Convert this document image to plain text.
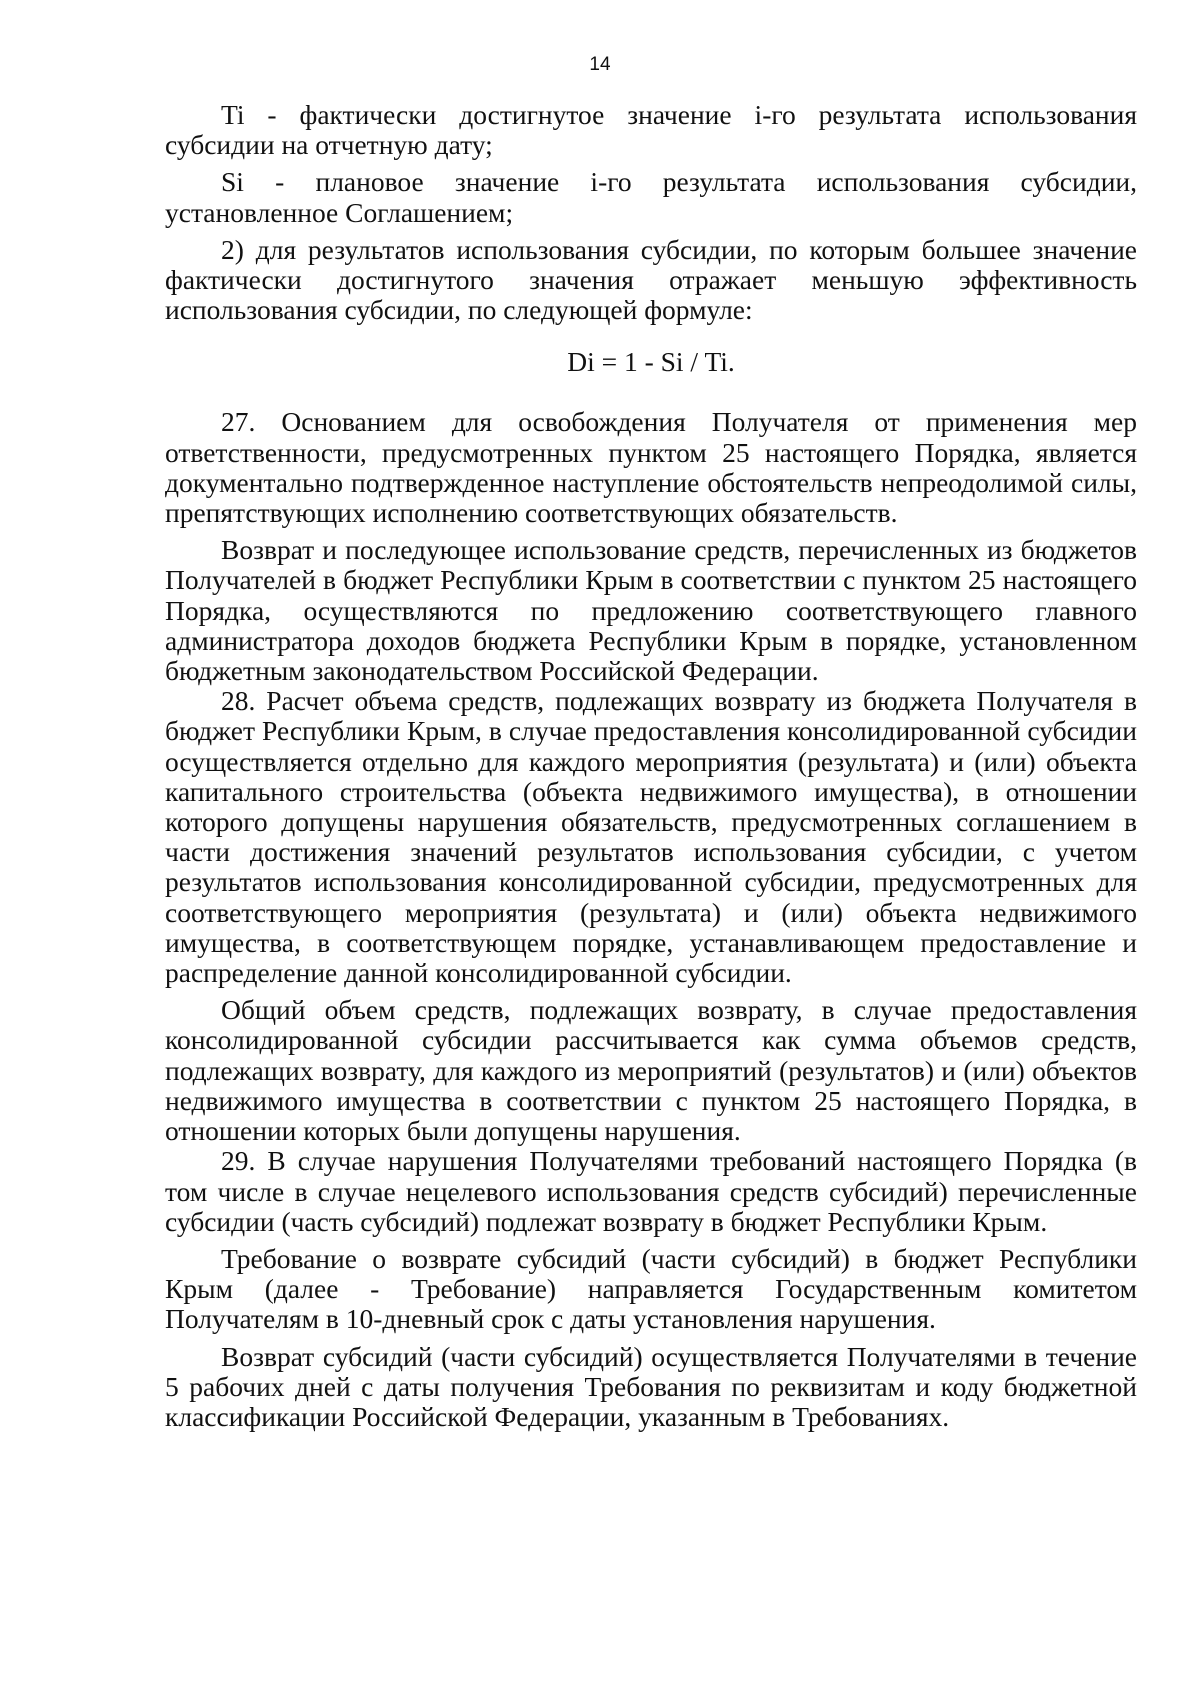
14

Ti - фактически достигнутое значение i-го результата использования субсидии на отчетную дату;

Si - плановое значение i-го результата использования субсидии, установленное Соглашением;

2) для результатов использования субсидии, по которым большее значение фактически достигнутого значения отражает меньшую эффективность использования субсидии, по следующей формуле:

Di = 1 - Si / Ti.

27. Основанием для освобождения Получателя от применения мер ответственности, предусмотренных пунктом 25 настоящего Порядка, является документально подтвержденное наступление обстоятельств непреодолимой силы, препятствующих исполнению соответствующих обязательств.

Возврат и последующее использование средств, перечисленных из бюджетов Получателей в бюджет Республики Крым в соответствии с пунктом 25 настоящего Порядка, осуществляются по предложению соответствующего главного администратора доходов бюджета Республики Крым в порядке, установленном бюджетным законодательством Российской Федерации.

28. Расчет объема средств, подлежащих возврату из бюджета Получателя в бюджет Республики Крым, в случае предоставления консолидированной субсидии осуществляется отдельно для каждого мероприятия (результата) и (или) объекта капитального строительства (объекта недвижимого имущества), в отношении которого допущены нарушения обязательств, предусмотренных соглашением в части достижения значений результатов использования субсидии, с учетом результатов использования консолидированной субсидии, предусмотренных для соответствующего мероприятия (результата) и (или) объекта недвижимого имущества, в соответствующем порядке, устанавливающем предоставление и распределение данной консолидированной субсидии.

Общий объем средств, подлежащих возврату, в случае предоставления консолидированной субсидии рассчитывается как сумма объемов средств, подлежащих возврату, для каждого из мероприятий (результатов) и (или) объектов недвижимого имущества в соответствии с пунктом 25 настоящего Порядка, в отношении которых были допущены нарушения.

29. В случае нарушения Получателями требований настоящего Порядка (в том числе в случае нецелевого использования средств субсидий) перечисленные субсидии (часть субсидий) подлежат возврату в бюджет Республики Крым.

Требование о возврате субсидий (части субсидий) в бюджет Республики Крым (далее - Требование) направляется Государственным комитетом Получателям в 10-дневный срок с даты установления нарушения.

Возврат субсидий (части субсидий) осуществляется Получателями в течение 5 рабочих дней с даты получения Требования по реквизитам и коду бюджетной классификации Российской Федерации, указанным в Требованиях.
